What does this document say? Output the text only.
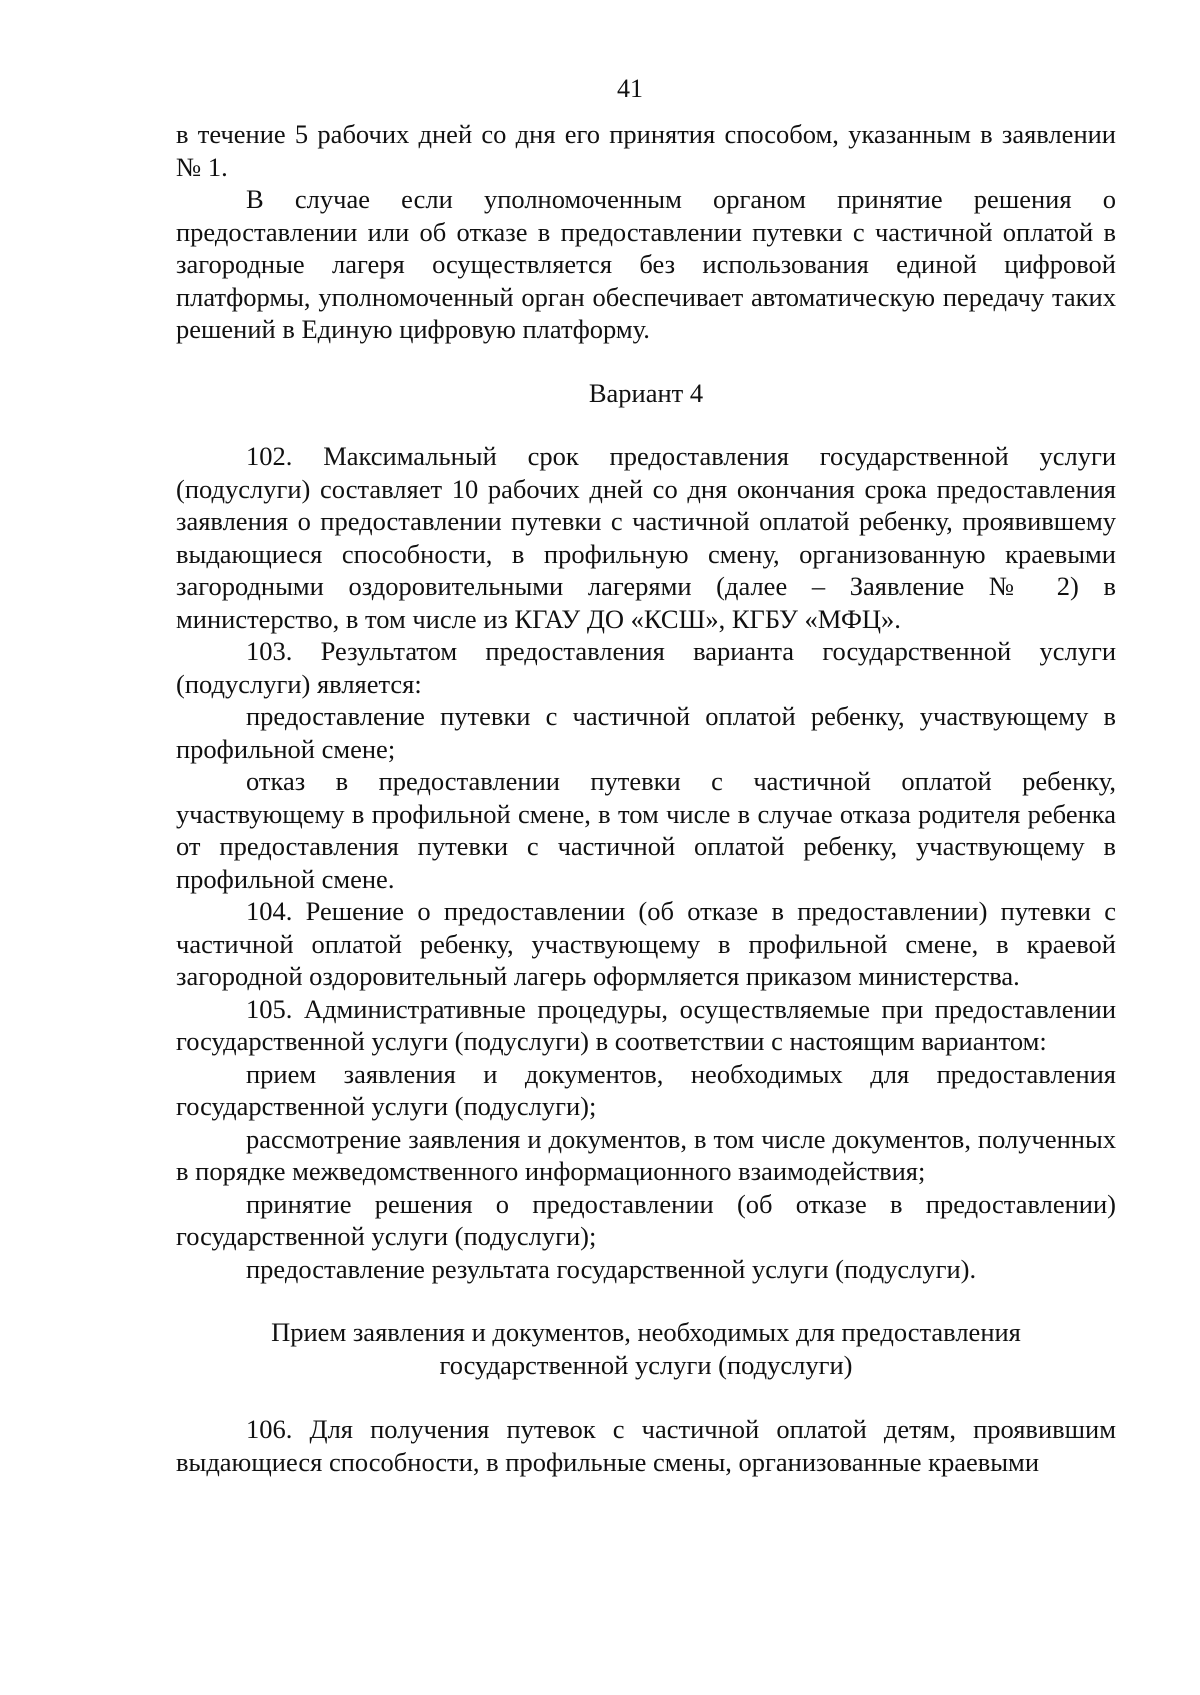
41

в течение 5 рабочих дней со дня его принятия способом, указанным в заявлении № 1.

В случае если уполномоченным органом принятие решения о предоставлении или об отказе в предоставлении путевки с частичной оплатой в загородные лагеря осуществляется без использования единой цифровой платформы, уполномоченный орган обеспечивает автоматическую передачу таких решений в Единую цифровую платформу.

Вариант 4

102. Максимальный срок предоставления государственной услуги (подуслуги) составляет 10 рабочих дней со дня окончания срока предоставления заявления о предоставлении путевки с частичной оплатой ребенку, проявившему выдающиеся способности, в профильную смену, организованную краевыми загородными оздоровительными лагерями (далее – Заявление № 2) в министерство, в том числе из КГАУ ДО «КСШ», КГБУ «МФЦ».

103. Результатом предоставления варианта государственной услуги (подуслуги) является:

предоставление путевки с частичной оплатой ребенку, участвующему в профильной смене;

отказ в предоставлении путевки с частичной оплатой ребенку, участвующему в профильной смене, в том числе в случае отказа родителя ребенка от предоставления путевки с частичной оплатой ребенку, участвующему в профильной смене.

104. Решение о предоставлении (об отказе в предоставлении) путевки с частичной оплатой ребенку, участвующему в профильной смене, в краевой загородной оздоровительный лагерь оформляется приказом министерства.

105. Административные процедуры, осуществляемые при предоставлении государственной услуги (подуслуги) в соответствии с настоящим вариантом:

прием заявления и документов, необходимых для предоставления государственной услуги (подуслуги);

рассмотрение заявления и документов, в том числе документов, полученных в порядке межведомственного информационного взаимодействия;

принятие решения о предоставлении (об отказе в предоставлении) государственной услуги (подуслуги);

предоставление результата государственной услуги (подуслуги).

Прием заявления и документов, необходимых для предоставления

государственной услуги (подуслуги)

106. Для получения путевок с частичной оплатой детям, проявившим выдающиеся способности, в профильные смены, организованные краевыми
